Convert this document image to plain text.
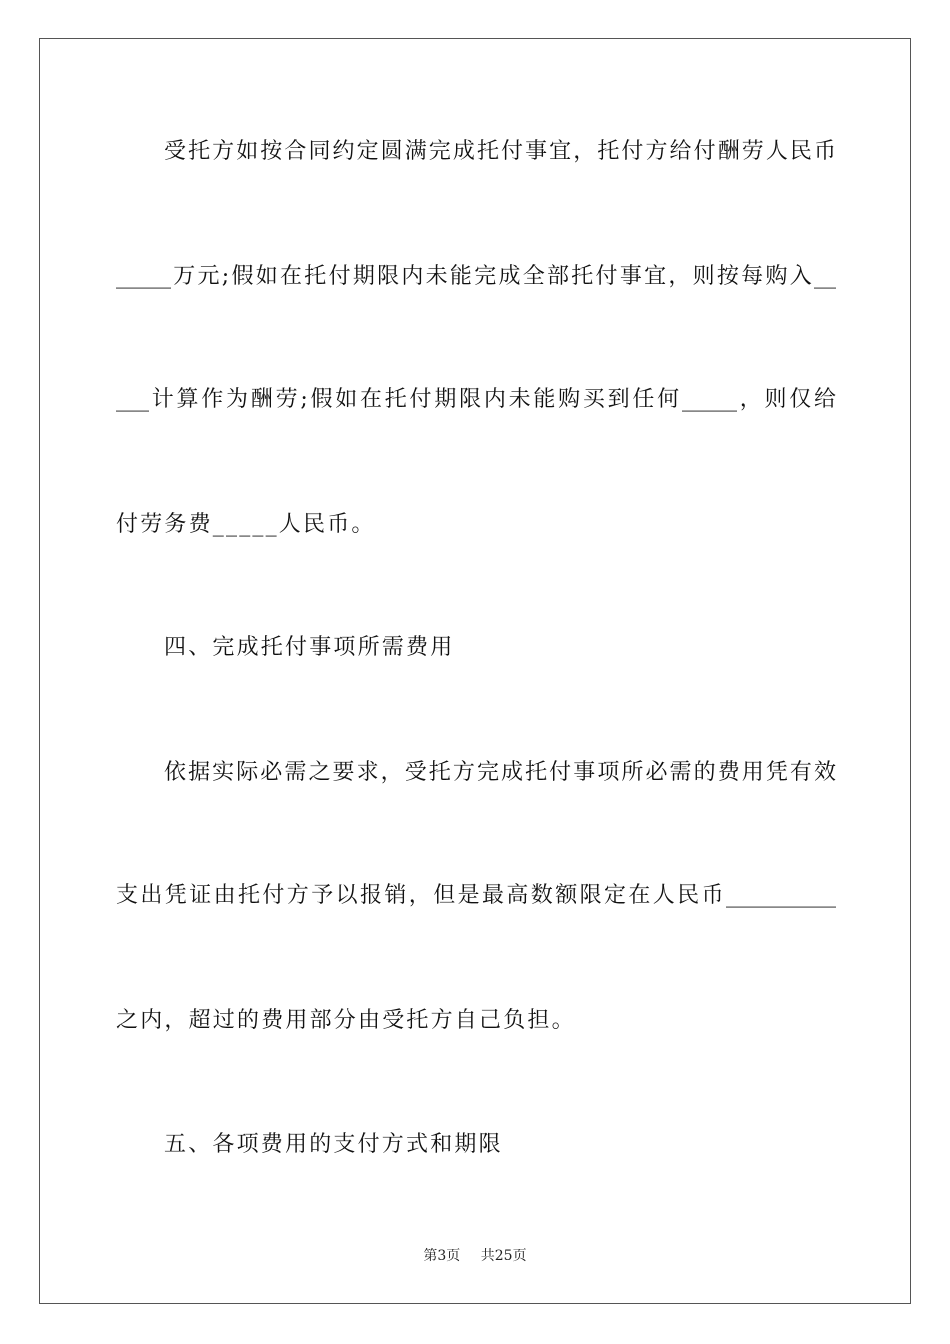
受托方如按合同约定圆满完成托付事宜，托付方给付酬劳人民币
_____万元;假如在托付期限内未能完成全部托付事宜，则按每购入__
___计算作为酬劳;假如在托付期限内未能购买到任何_____，则仅给
付劳务费_____人民币。
四、完成托付事项所需费用
依据实际必需之要求，受托方完成托付事项所必需的费用凭有效
支出凭证由托付方予以报销，但是最高数额限定在人民币__________
之内，超过的费用部分由受托方自己负担。
五、各项费用的支付方式和期限
第3页 共25页
